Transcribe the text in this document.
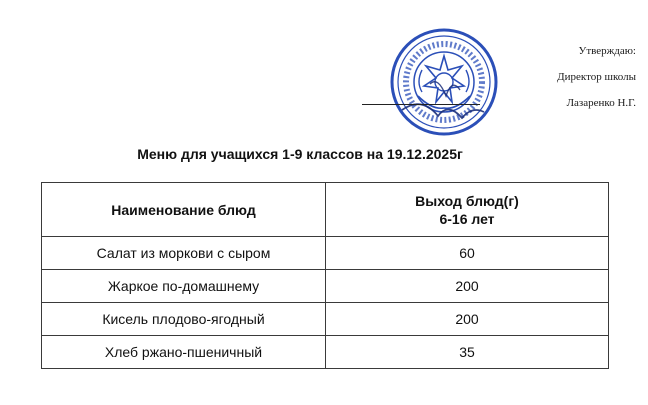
Утверждаю:
Директор школы
Лазаренко Н.Г.
Меню для учащихся 1-9 классов на 19.12.2025г
Наименование блюд	Выход блюд(г)
6-16 лет

Салат из моркови с сыром	60
Жаркое по-домашнему	200
Кисель плодово-ягодный	200
Хлеб ржано-пшеничный	35
